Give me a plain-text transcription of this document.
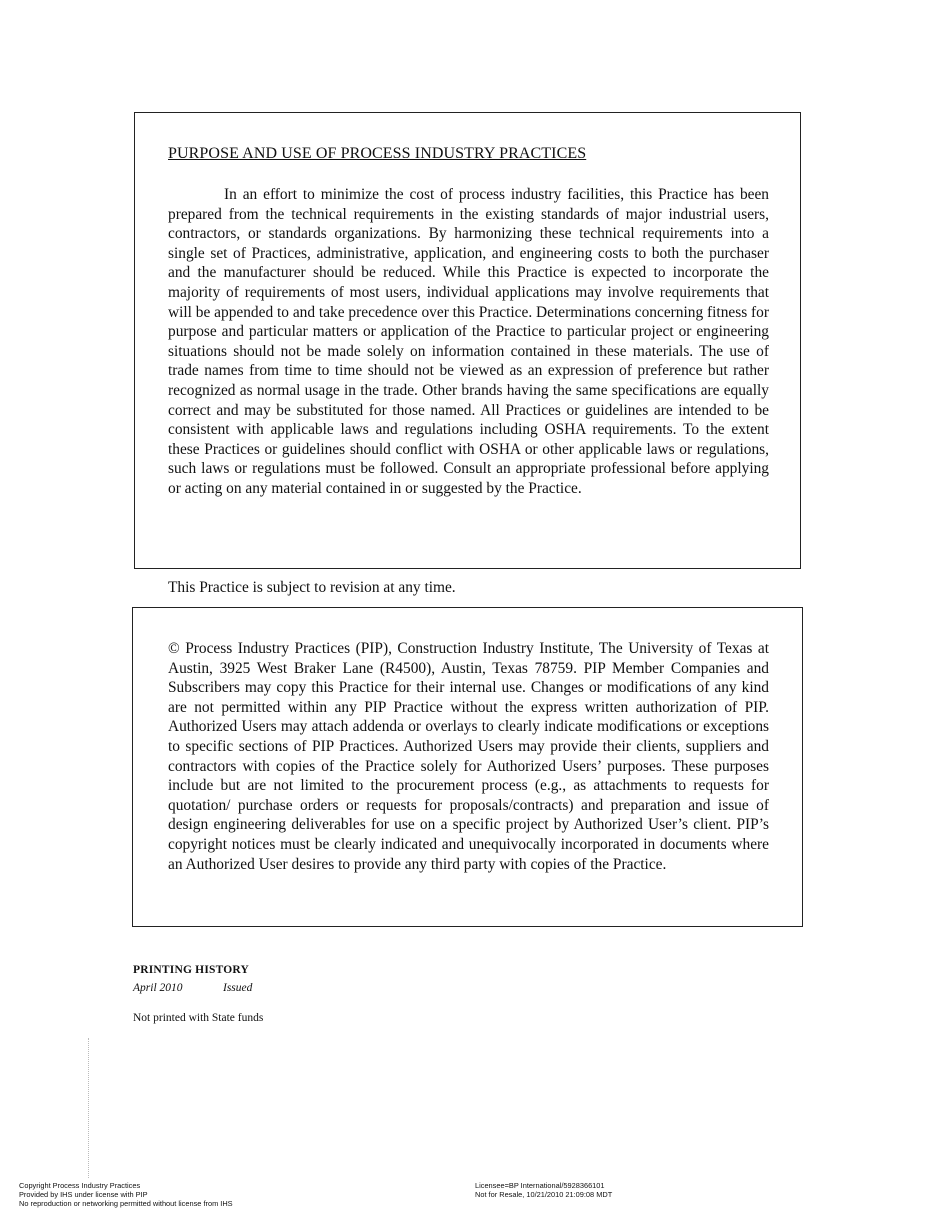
PURPOSE AND USE OF PROCESS INDUSTRY PRACTICES

In an effort to minimize the cost of process industry facilities, this Practice has been prepared from the technical requirements in the existing standards of major industrial users, contractors, or standards organizations. By harmonizing these technical requirements into a single set of Practices, administrative, application, and engineering costs to both the purchaser and the manufacturer should be reduced. While this Practice is expected to incorporate the majority of requirements of most users, individual applications may involve requirements that will be appended to and take precedence over this Practice. Determinations concerning fitness for purpose and particular matters or application of the Practice to particular project or engineering situations should not be made solely on information contained in these materials. The use of trade names from time to time should not be viewed as an expression of preference but rather recognized as normal usage in the trade. Other brands having the same specifications are equally correct and may be substituted for those named. All Practices or guidelines are intended to be consistent with applicable laws and regulations including OSHA requirements. To the extent these Practices or guidelines should conflict with OSHA or other applicable laws or regulations, such laws or regulations must be followed. Consult an appropriate professional before applying or acting on any material contained in or suggested by the Practice.

This Practice is subject to revision at any time.

© Process Industry Practices (PIP), Construction Industry Institute, The University of Texas at Austin, 3925 West Braker Lane (R4500), Austin, Texas 78759. PIP Member Companies and Subscribers may copy this Practice for their internal use. Changes or modifications of any kind are not permitted within any PIP Practice without the express written authorization of PIP. Authorized Users may attach addenda or overlays to clearly indicate modifications or exceptions to specific sections of PIP Practices. Authorized Users may provide their clients, suppliers and contractors with copies of the Practice solely for Authorized Users’ purposes. These purposes include but are not limited to the procurement process (e.g., as attachments to requests for quotation/ purchase orders or requests for proposals/contracts) and preparation and issue of design engineering deliverables for use on a specific project by Authorized User’s client. PIP’s copyright notices must be clearly indicated and unequivocally incorporated in documents where an Authorized User desires to provide any third party with copies of the Practice.

PRINTING HISTORY
April 2010	Issued
Not printed with State funds
Copyright Process Industry Practices
Provided by IHS under license with PIP
No reproduction or networking permitted without license from IHS
Licensee=BP International/5928366101
Not for Resale, 10/21/2010 21:09:08 MDT
